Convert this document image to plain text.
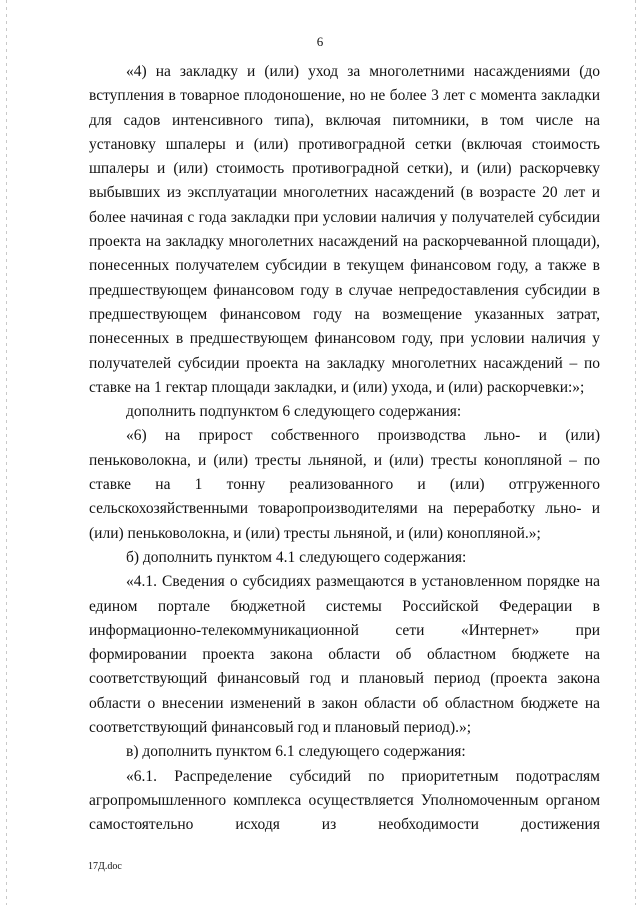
6

«4) на закладку и (или) уход за многолетними насаждениями (до вступления в товарное плодоношение, но не более 3 лет с момента закладки для садов интенсивного типа), включая питомники, в том числе на установку шпалеры и (или) противоградной сетки (включая стоимость шпалеры и (или) стоимость противоградной сетки), и (или) раскорчевку выбывших из эксплуатации многолетних насаждений (в возрасте 20 лет и более начиная с года закладки при условии наличия у получателей субсидии проекта на закладку многолетних насаждений на раскорчеванной площади), понесенных получателем субсидии в текущем финансовом году, а также в предшествующем финансовом году в случае непредоставления субсидии в предшествующем финансовом году на возмещение указанных затрат, понесенных в предшествующем финансовом году, при условии наличия у получателей субсидии проекта на закладку многолетних насаждений – по ставке на 1 гектар площади закладки, и (или) ухода, и (или) раскорчевки:»;

дополнить подпунктом 6 следующего содержания:

«6) на прирост собственного производства льно- и (или) пеньковолокна, и (или) тресты льняной, и (или) тресты конопляной – по ставке на 1 тонну реализованного и (или) отгруженного сельскохозяйственными товаропроизводителями на переработку льно- и (или) пеньковолокна, и (или) тресты льняной, и (или) конопляной.»;

б) дополнить пунктом 4.1 следующего содержания:

«4.1. Сведения о субсидиях размещаются в установленном порядке на едином портале бюджетной системы Российской Федерации в информационно-телекоммуникационной сети «Интернет» при формировании проекта закона области об областном бюджете на соответствующий финансовый год и плановый период (проекта закона области о внесении изменений в закон области об областном бюджете на соответствующий финансовый год и плановый период).»;

в) дополнить пунктом 6.1 следующего содержания:

«6.1. Распределение субсидий по приоритетным подотраслям агропромышленного комплекса осуществляется Уполномоченным органом самостоятельно исходя из необходимости достижения

17Д.doc
